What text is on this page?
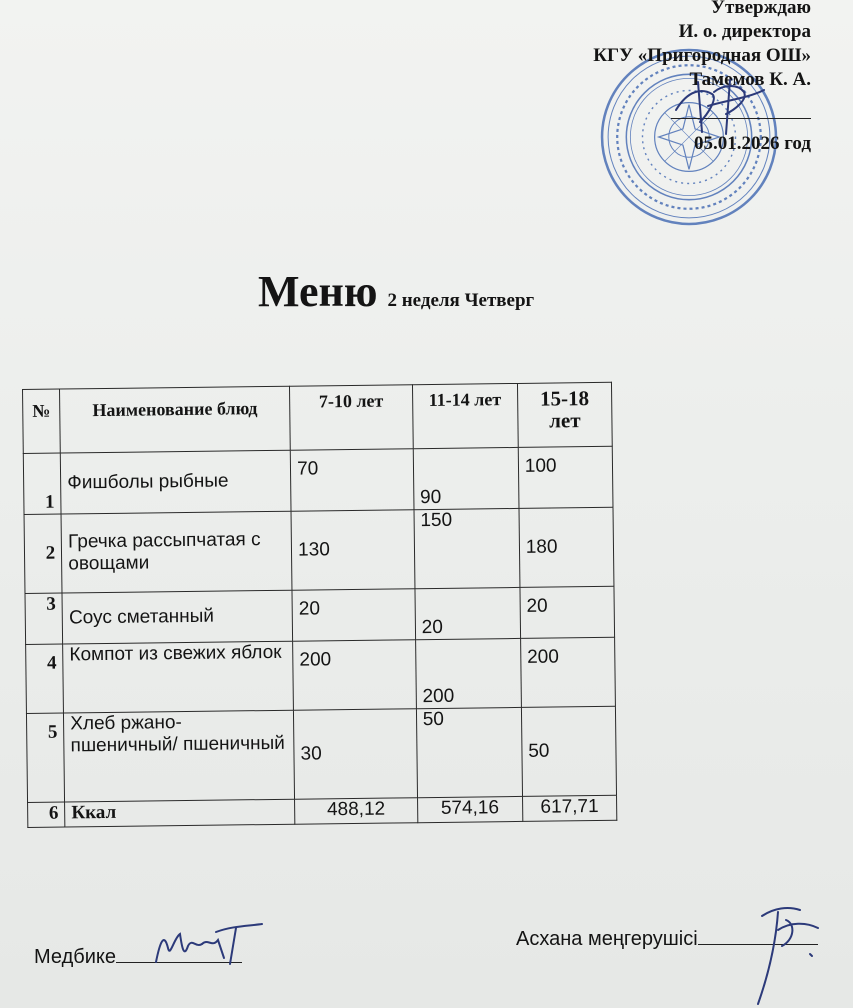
Утверждаю
И. о. директора
КГУ «Пригородная ОШ»
Тамемов К. А.
05.01.2026 год
Меню 2 неделя Четверг
№	Наименование блюд	7-10 лет	11-14 лет	15-18 лет
1	Фишболы рыбные	70	90	100
2	Гречка рассыпчатая с овощами	130	150	180
3	Соус сметанный	20	20	20
4	Компот из свежих яблок	200	200	200
5	Хлеб ржано-пшеничный/ пшеничный	30	50	50
6	Ккал	488,12	574,16	617,71
Медбике
Асхана меңгерушісі
